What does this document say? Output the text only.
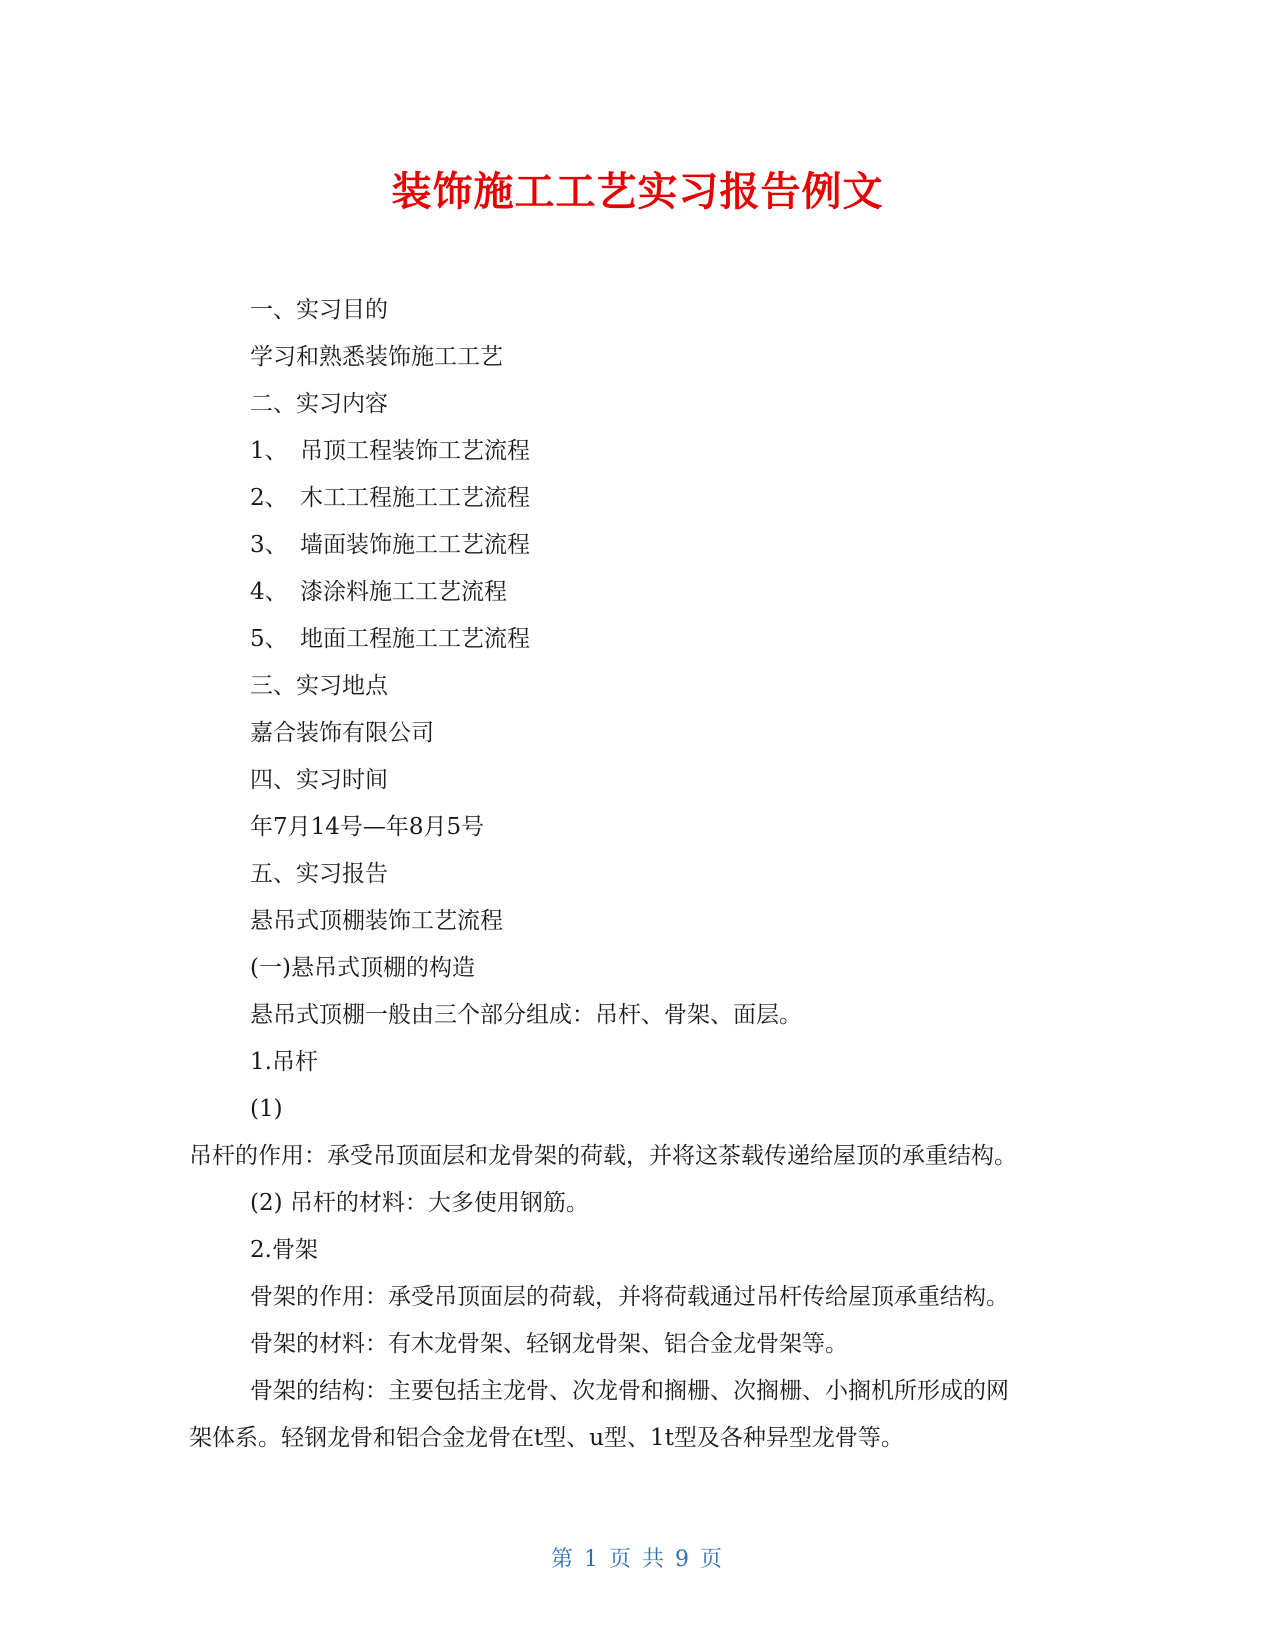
装饰施工工艺实习报告例文
一、实习目的
学习和熟悉装饰施工工艺
二、实习内容
1、 吊顶工程装饰工艺流程
2、 木工工程施工工艺流程
3、 墙面装饰施工工艺流程
4、 漆涂料施工工艺流程
5、 地面工程施工工艺流程
三、实习地点
嘉合装饰有限公司
四、实习时间
年7月14号—年8月5号
五、实习报告
悬吊式顶棚装饰工艺流程
(一)悬吊式顶棚的构造
悬吊式顶棚一般由三个部分组成：吊杆、骨架、面层。
1.吊杆
(1)
吊杆的作用：承受吊顶面层和龙骨架的荷载，并将这茶载传递给屋顶的承重结构。
(2) 吊杆的材料：大多使用钢筋。
2.骨架
骨架的作用：承受吊顶面层的荷载，并将荷载通过吊杆传给屋顶承重结构。
骨架的材料：有木龙骨架、轻钢龙骨架、铝合金龙骨架等。
骨架的结构：主要包括主龙骨、次龙骨和搁栅、次搁栅、小搁机所形成的网
架体系。轻钢龙骨和铝合金龙骨在t型、u型、1t型及各种异型龙骨等。
第 1 页 共 9 页
